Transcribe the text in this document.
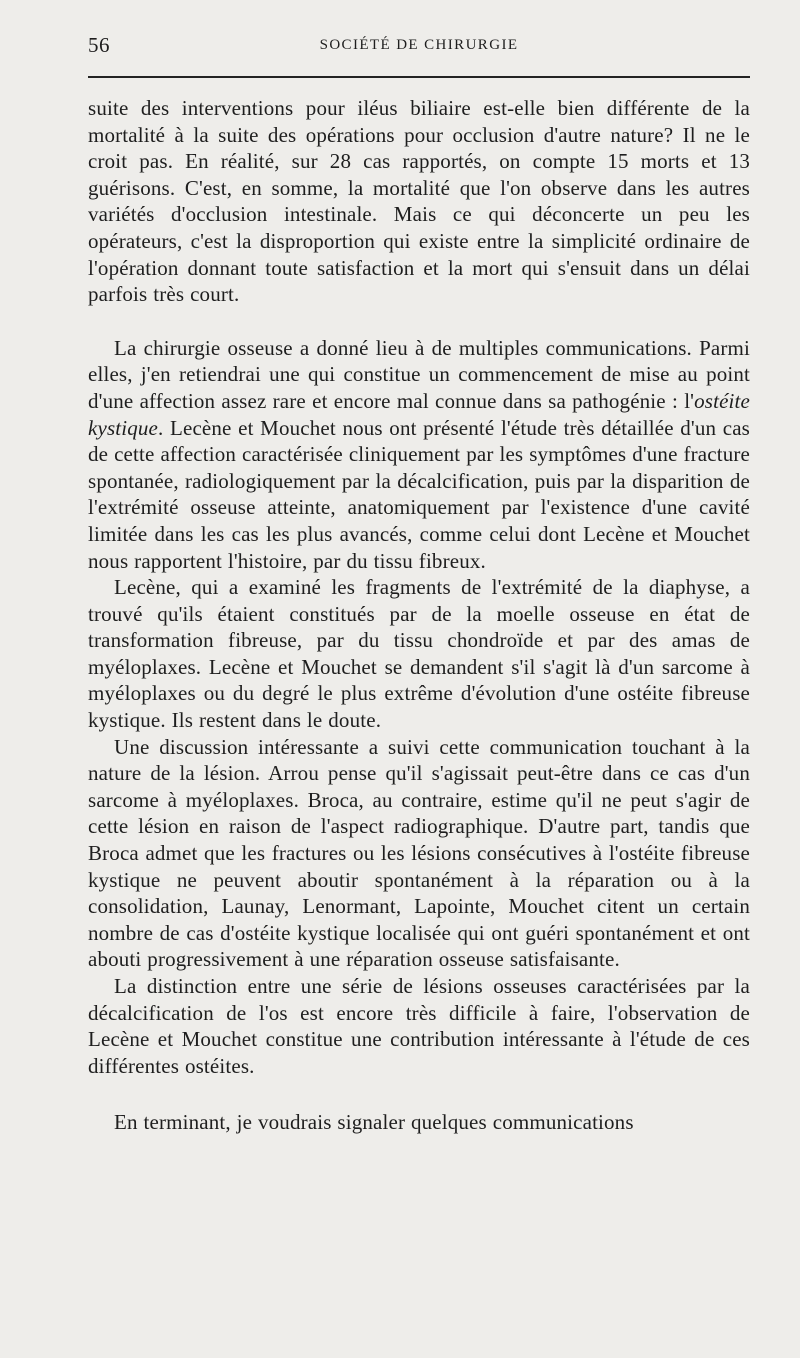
56	SOCIÉTÉ DE CHIRURGIE

suite des interventions pour iléus biliaire est-elle bien différente de la mortalité à la suite des opérations pour occlusion d'autre nature? Il ne le croit pas. En réalité, sur 28 cas rapportés, on compte 15 morts et 13 guérisons. C'est, en somme, la mortalité que l'on observe dans les autres variétés d'occlusion intestinale. Mais ce qui déconcerte un peu les opérateurs, c'est la disproportion qui existe entre la simplicité ordinaire de l'opération donnant toute satisfaction et la mort qui s'ensuit dans un délai parfois très court.

La chirurgie osseuse a donné lieu à de multiples communications. Parmi elles, j'en retiendrai une qui constitue un commencement de mise au point d'une affection assez rare et encore mal connue dans sa pathogénie : l'ostéite kystique. Lecène et Mouchet nous ont présenté l'étude très détaillée d'un cas de cette affection caractérisée cliniquement par les symptômes d'une fracture spontanée, radiologiquement par la décalcification, puis par la disparition de l'extrémité osseuse atteinte, anatomiquement par l'existence d'une cavité limitée dans les cas les plus avancés, comme celui dont Lecène et Mouchet nous rapportent l'histoire, par du tissu fibreux.

Lecène, qui a examiné les fragments de l'extrémité de la diaphyse, a trouvé qu'ils étaient constitués par de la moelle osseuse en état de transformation fibreuse, par du tissu chondroïde et par des amas de myéloplaxes. Lecène et Mouchet se demandent s'il s'agit là d'un sarcome à myéloplaxes ou du degré le plus extrême d'évolution d'une ostéite fibreuse kystique. Ils restent dans le doute.

Une discussion intéressante a suivi cette communication touchant à la nature de la lésion. Arrou pense qu'il s'agissait peut-être dans ce cas d'un sarcome à myéloplaxes. Broca, au contraire, estime qu'il ne peut s'agir de cette lésion en raison de l'aspect radiographique. D'autre part, tandis que Broca admet que les fractures ou les lésions consécutives à l'ostéite fibreuse kystique ne peuvent aboutir spontanément à la réparation ou à la consolidation, Launay, Lenormant, Lapointe, Mouchet citent un certain nombre de cas d'ostéite kystique localisée qui ont guéri spontanément et ont abouti progressivement à une réparation osseuse satisfaisante.

La distinction entre une série de lésions osseuses caractérisées par la décalcification de l'os est encore très difficile à faire, l'observation de Lecène et Mouchet constitue une contribution intéressante à l'étude de ces différentes ostéites.

En terminant, je voudrais signaler quelques communications
